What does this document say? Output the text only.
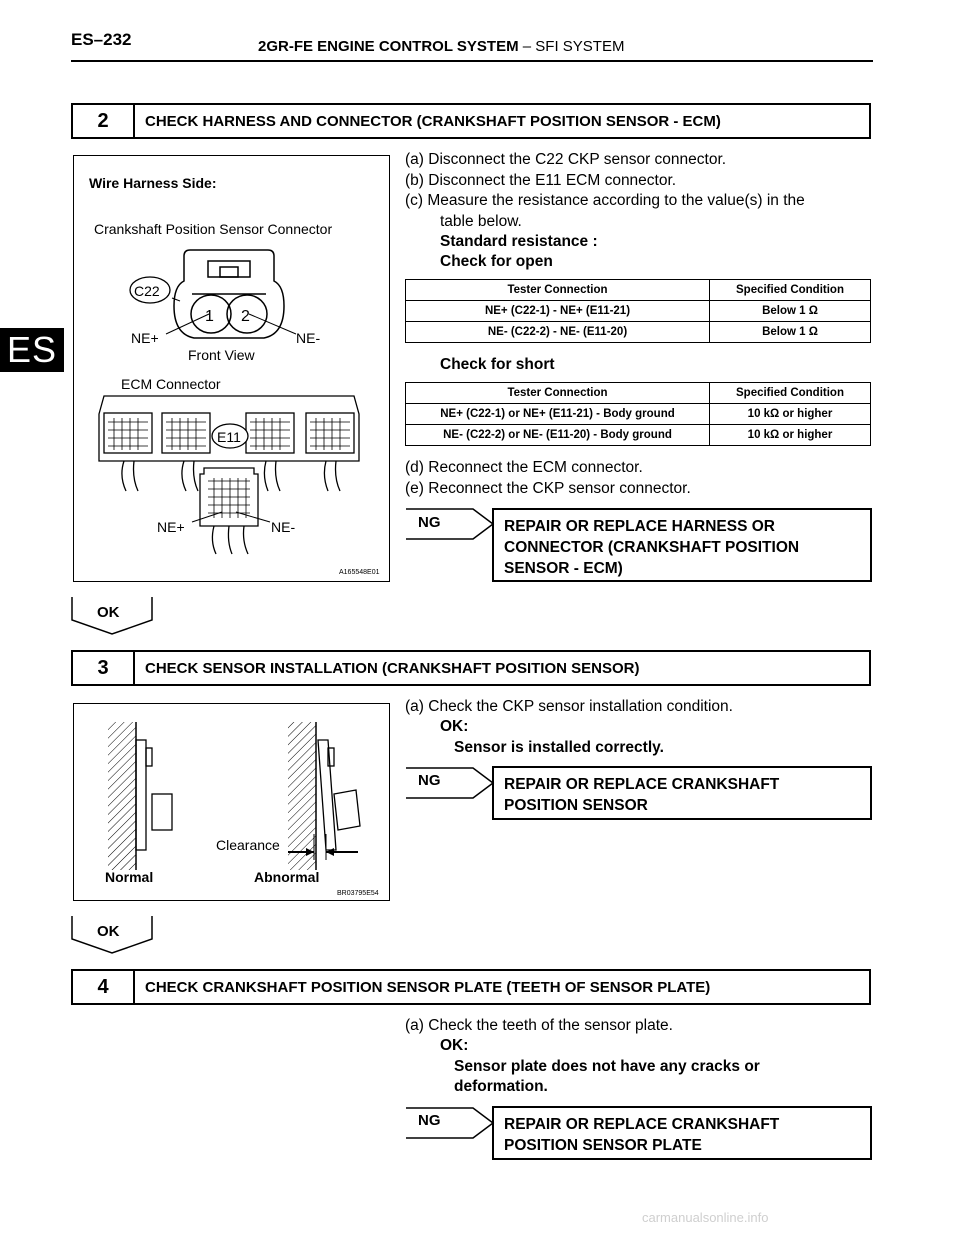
ES–232	2GR-FE ENGINE CONTROL SYSTEM – SFI SYSTEM
ES
2	CHECK HARNESS AND CONNECTOR (CRANKSHAFT POSITION SENSOR - ECM)
Wire Harness Side:
Crankshaft Position Sensor Connector
1 2
C22
NE+	NE-
Front View
ECM Connector
E11
NE+	NE-
A165548E01
(a) Disconnect the C22 CKP sensor connector.
(b) Disconnect the E11 ECM connector.
(c) Measure the resistance according to the value(s) in the
table below.
Standard resistance :
Check for open
Tester Connection	Specified Condition
NE+ (C22-1) - NE+ (E11-21)	Below 1 Ω
NE- (C22-2) - NE- (E11-20)	Below 1 Ω
Check for short
Tester Connection	Specified Condition
NE+ (C22-1) or NE+ (E11-21) - Body ground	10 kΩ or higher
NE- (C22-2) or NE- (E11-20) - Body ground	10 kΩ or higher
(d) Reconnect the ECM connector.
(e) Reconnect the CKP sensor connector.
NG	REPAIR OR REPLACE HARNESS OR
CONNECTOR (CRANKSHAFT POSITION
SENSOR - ECM)
OK
3	CHECK SENSOR INSTALLATION (CRANKSHAFT POSITION SENSOR)
Clearance
Normal	Abnormal
BR03795E54
(a) Check the CKP sensor installation condition.
OK:
Sensor is installed correctly.
NG	REPAIR OR REPLACE CRANKSHAFT
POSITION SENSOR
OK
4	CHECK CRANKSHAFT POSITION SENSOR PLATE (TEETH OF SENSOR PLATE)
(a) Check the teeth of the sensor plate.
OK:
Sensor plate does not have any cracks or
deformation.
NG	REPAIR OR REPLACE CRANKSHAFT
POSITION SENSOR PLATE
carmanualsonline.info
